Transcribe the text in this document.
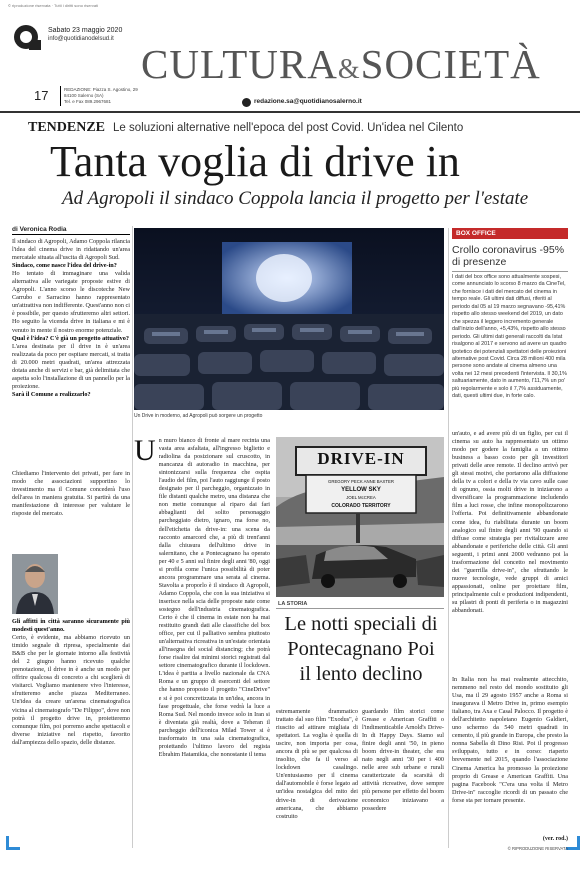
© riproduzione riservata · Tutti i diritti sono riservati
Sabato 23 maggio 2020
info@quotidianodelsud.it
17	REDAZIONE: Piazza S. Agostino, 29
84100 Salerno (SA)
Tel. e Fax 089.2967681
CULTURA&SOCIETÀ
redazione.sa@quotidianosalerno.it
TENDENZE Le soluzioni alternative nell'epoca del post Covid. Un'idea nel Cilento
Tanta voglia di drive in
Ad Agropoli il sindaco Coppola lancia il progetto per l'estate
di Veronica Rodia

Il sindaco di Agropoli, Adamo Coppola rilancia l'idea del cinema drive in ridattando un'area mercatale situata all'uscita di Agropoli Sud.

Sindaco, come nasce l'idea del drive-in?

Ho tentato di immaginare una valida alternativa alle variegate proposte estive di Agropoli. L'anno scorso le discoteche New Carrubo e Sarracino hanno rappresentato un'attrattiva non indifferente. Quest'anno non ci è possibile, per questo sfrutteremo altri settori. Ho seguito la vicenda drive in italiana e mi è venuto in mente il nostro enorme potenziale.

Qual è l'idea? C'è già un progetto attuativo?

L'area destinata per il drive in è un'area realizzata da poco per ospitare mercati, si tratta di 20.000 metri quadrati, un'area attrezzata dotata anche di servizi e bar, già delimitata che aspetta solo l'installazione di un pannello per la proiezione.

Sarà il Comune a realizzarlo?

Chiediamo l'intervento dei privati, per fare in modo che associazioni supportino lo investimento ma il Comune concederà l'uso dell'area in maniera gratuita. Si partirà da una manifestazione di interesse per valutare le risposte del mercato.

Gli affitti in città saranno sicuramente più modesti quest'anno.

Certo, è evidente, ma abbiamo ricevuto un timido segnale di ripresa, specialmente dai B&B che per le giornate intorno alla festività del 2 giugno hanno ricevuto qualche prenotazione, il drive in è anche un modo per offrire qualcosa di concreto a chi sceglierà di visitarci. Vogliamo mantenere vivo l'interesse, sfrutteremo anche piazza Mediterraneo. Un'idea da creare un'arena cinematografica vicina al cinematografo "De Filippo", dove non potrà il progetto drive in, proietteremo comunque film, poi porremo anche spettacoli e diverse iniziative nel rispetto, favorito dall'ampiezza dello spazio, delle distanze.

Un Drive in moderno, ad Agropoli può sorgere un progetto
BOX OFFICE
Crollo coronavirus -95% di presenze
I dati del box office sono attualmente sospesi, come annunciato lo scorso 8 marzo da CineTel, che fornisce i dati del mercato del cinema in tempo reale. Gli ultimi dati diffusi, riferiti al periodo dal 05 al 19 marzo segnavano -95,41% rispetto allo stesso weekend del 2019, un dato che spezza il leggero incremento generale dall'inizio dell'anno, +5,43%, rispetto allo stesso periodo. Gli ultimi dati generali raccolti da Istat risalgono al 2017 e servono ad avere un quadro ipotetico dei potenziali spettatori delle proiezioni alternative post Covid. Circa 28 milioni 400 mila persone sono andate al cinema almeno una volta nei 12 mesi precedenti l'intervista. Il 30,1% saltuariamente, dato in aumento, l'11,7% un po' più regolarmente e solo il 7,7% assiduamente, dati, questi ultimi due, in forte calo.
U n muro bianco di fronte al mare recinta una vasta area asfaltata, all'ingresso biglietto e radiolina da posizionare sul cruscotto, in mancanza di autoradio in macchina, per sintonizzarsi sulla frequenza che ospita l'audio del film, poi l'auto raggiunge il posto designato per il parcheggio, organizzato in file distanti qualche metro, una distanza che non mette comunque al riparo dai fari abbaglianti del solito personaggio parcheggiato dietro, ignaro, ma forse no, dell'etichetta da drive-in: una scena da racconto amarcord che, a più di trent'anni dalla chiusura dell'ultimo drive in salernitano, che a Pontecagnano ha operato per 40 e 5 anni sul finire degli anni '80, oggi si profila come l'unica possibilità di poter ancora programmare una serata al cinema. Stavolta a proporlo è il sindaco di Agropoli, Adamo Coppola, che con la sua iniziativa si inserisce nella scia delle proposte nate come sostegno dell'industria cinematografica. Certo è che il cinema in estate non ha mai restituito grandi dati alle classifiche del box office, per cui il palliativo sembra piuttosto un'alternativa ricreativa in un'estate orientata all'insegna del social distancing; che potrà forse risalire dai minimi storici registrati dal settore cinematografico durante il lockdown. L'idea è partita a livello nazionale da CNA Roma e un gruppo di esercenti del settore che hanno proposto il progetto "CineDrive" e si è poi concretizzata in un'idea, ancora in fase progettuale, che forse vedrà la luce a Roma Sud. Nel mondo invece solo in Iran si è diventata già realtà, dove a Teheran il parcheggio dell'iconica Milad Tower si è trasformato in una sala cinematografica, proiettando l'ultimo lavoro del regista Ebrahim Hatamikia, che nonostante il tema
DRIVE-IN
GREGORY PECK ANNE BAXTER
YELLOW SKY
JOEL McCREA
COLORADO TERRITORY
LA STORIA
Le notti speciali di Pontecagnano Poi il lento declino
estremamente drammatico trattato dal suo film "Exodus", è riuscito ad attirare migliaia di spettatori. La voglia è quella di uscire, non importa per cosa, ancora di più se per qualcosa di insolito, che fa il verso al lockdown casalingo. Un'entusiasmo per il cinema dall'automobile è forse legato ad un'idea nostalgica del mito dei drive-in di derivazione americana, che abbiamo costruito
guardando film storici come Grease e American Graffiti o l'indimenticabile Arnold's Drive-In di Happy Days. Siamo sul finire degli anni '50, in pieno boom drive-in theater, che era nato negli anni '30 per i 400 nelle aree sub urbane e rurali caratterizzate da scarsità di attività ricreative, dove sempre più persone per effetto del boom economico iniziavano a possedere
un'auto, e ad avere più di un figlio, per cui il cinema su auto ha rappresentato un ottimo modo per godere la famiglia a un ottimo business a basso costo per gli investitori privati delle aree remote. Il declino arrivò per gli stessi motivi, che portarono alla diffusione della tv a colori e della tv via cavo sulle case di ognuno, ossia molti drive in iniziarono a diversificare la programmazione includendo film a luci rosse, che infine monopolizzarono l'offerta. Poi definitivamente abbandonate come idea, fu riabilitata durante un boom analogico sul finire degli anni '90 quando si diffuse come strategia per rivitalizzare aree abbandonate e periferiche delle città. Gli anni seguenti, i primi anni 2000 vedranno poi la trasformazione del concetto nel movimento dei "guerrilla drive-in", che sfruttando le nuove tecnologie, vede gruppi di amici appassionati, online per proiettare film, principalmente cult e produzioni indipendenti, su pilastri di ponti di periferia o in magazzini abbandonati.
In Italia non ha mai realmente attecchito, nemmeno nel resto del mondo sostituito gli Usa, ma il 29 agosto 1957 anche a Roma si inaugurava il Metro Drive in, primo esempio italiano, tra Axa e Casal Palocco. Il progetto è dell'architetto napoletano Eugenio Galdieri, uno schermo da 540 metri quadrati in cemento, il più grande in Europa, che presto la nonna Sabella di Dino Risi. Poi il progresso sviluppato, tutto e in corso: riaperto brevemente nel 2015, quando l'associazione Cinema America ha promosso la proiezione proprio di Grease e American Graffiti. Una pagina Facebook "C'era una volta il Metro Drive-in" raccoglie ricordi di un passato che forse sta per tornare presente.
(ver. rod.)
© RIPRODUZIONE RISERVATA
